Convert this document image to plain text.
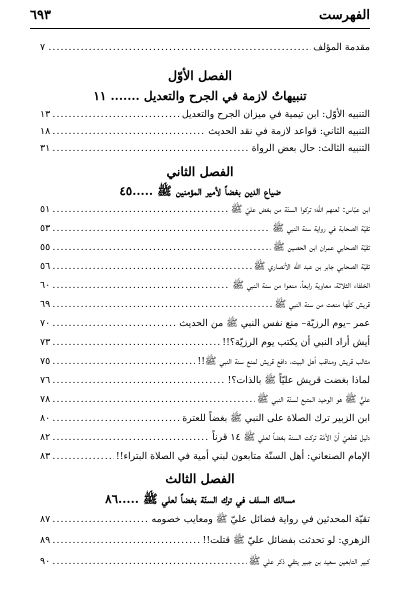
الفهرست
٦٩٣
.....
مقدمة المؤلف
٧
الفصل الأوّل
تنبيهاتٌ لازمة في الجرح والتعديل ....... ١١
.....
التنبيه الأوّل: ابن تيمية في ميزان الجرح والتعديل
١٣
.....
التنبيه الثاني: قواعد لازمة في نقد الحديث
١٨
.....
التنبيه الثالث: حال بعض الرواة
٣١
الفصل الثاني
ضياع الدين بغضاً لأمير المؤمنين ﷺ .....٤٥
.....
ابن عبّاس: لعنهم الله؛ تركوا السنّة من بغض عليّ ﷺ
٥١
.....
تقيّة الصحابة في رواية سنة النبي ﷺ
٥٣
.....
تقيّة الصحابي عمران ابن الحصين ﷺ
٥٥
.....
تقيّة الصحابي جابر بن عبد الله الأنصاري ﷺ
٥٦
.....
الخلفاء الثلاثة، معاوية رابعاً، منعوا من سنة النبي ﷺ
٦٠
.....
قريش كلّها منعت من سنة النبي ﷺ
٦٩
.....
عمر –يوم الرزيّة– منع نفس النبي ﷺ من الحديث
٧٠
.....
أيش أراد النبي أن يكتب يوم الرزيّة؟!!
٧٣
.....
مثالب قريش ومناقب أهل البيت، دافع قريش لمنع سنة النبي ﷺ!!
٧٥
.....
لماذا بغضت قريش عليّاً ﷺ بالذات؟!
٧٦
.....
عليٌّ ﷺ هو الوحيد المتبع لسنّة النبي ﷺ
٧٨
.....
ابن الزبير ترك الصلاة على النبي ﷺ بغضاً للعترة
٨٠
.....
دليل قطعيّ أنّ الأمّة تركت السنة بغضاً لعلي ﷺ ١٤ قرناً
٨٢
.....
الإمام الصنعاني: أهل السنّة متابعون لبني أمية في الصلاة البتراء!!
٨٣
الفصل الثالث
مسالك السلف في ترك السنّة بغضاً لعلي ﷺ .....٨٦
.....
تقيّة المحدثين في رواية فضائل عليّ ﷺ ومعايب خصومه
٨٧
.....
الزهري: لو تحدثت بفضائل عليّ ﷺ قتلت!!
٨٩
.....
كبير التابعين سعيد بن جبير يتقي ذكر علي ﷺ
٩٠
